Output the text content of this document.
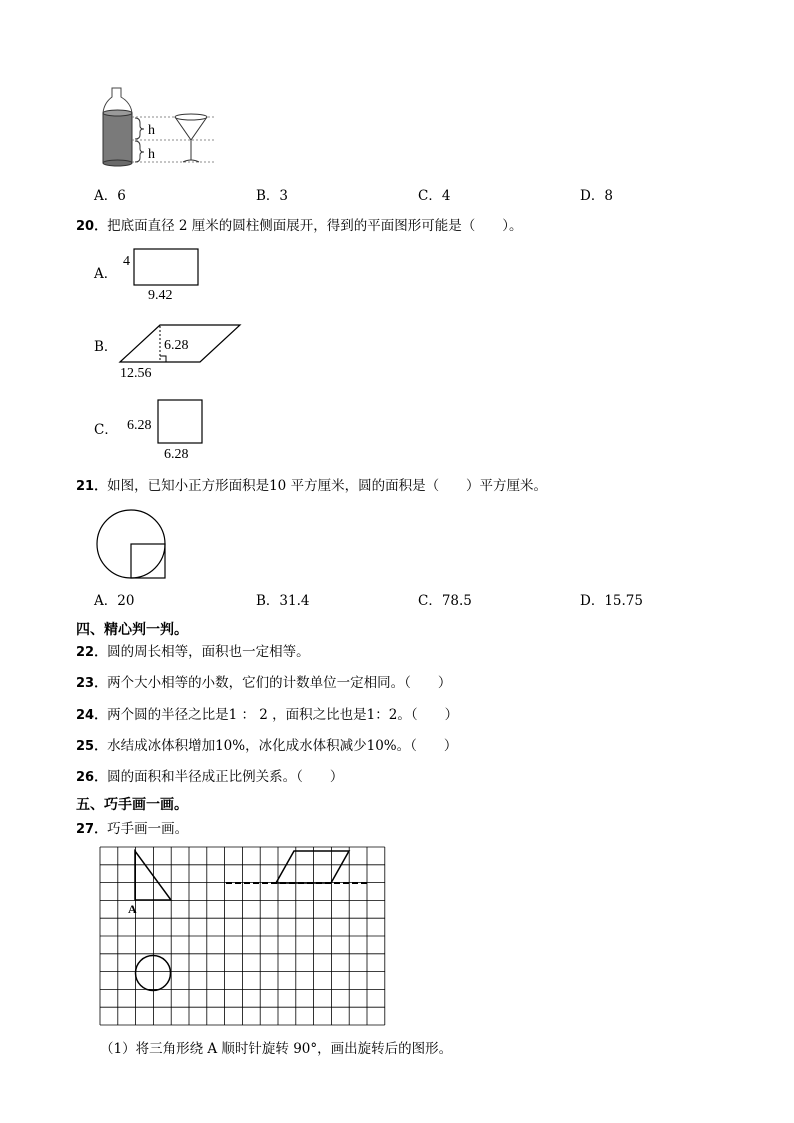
h
h
A．6	B．3	C．4	D．8
20．把底面直径 2 厘米的圆柱侧面展开，得到的平面图形可能是（　　）。
A．
4
9.42
B．	6.28
12.56
C． 6.28
6.28
21．如图，已知小正方形面积是10 平方厘米，圆的面积是（　　）平方厘米。
A．20	B．31.4	C．78.5	D．15.75
四、精心判一判。
22．圆的周长相等，面积也一定相等。
23．两个大小相等的小数，它们的计数单位一定相同。（　　）
24．两个圆的半径之比是1 ： 2 ，面积之比也是1：2。（　　）
25．水结成冰体积增加10%，冰化成水体积减少10%。（　　）
26．圆的面积和半径成正比例关系。（　　）
五、巧手画一画。
27．巧手画一画。
A
（1）将三角形绕 A 顺时针旋转 90°，画出旋转后的图形。
